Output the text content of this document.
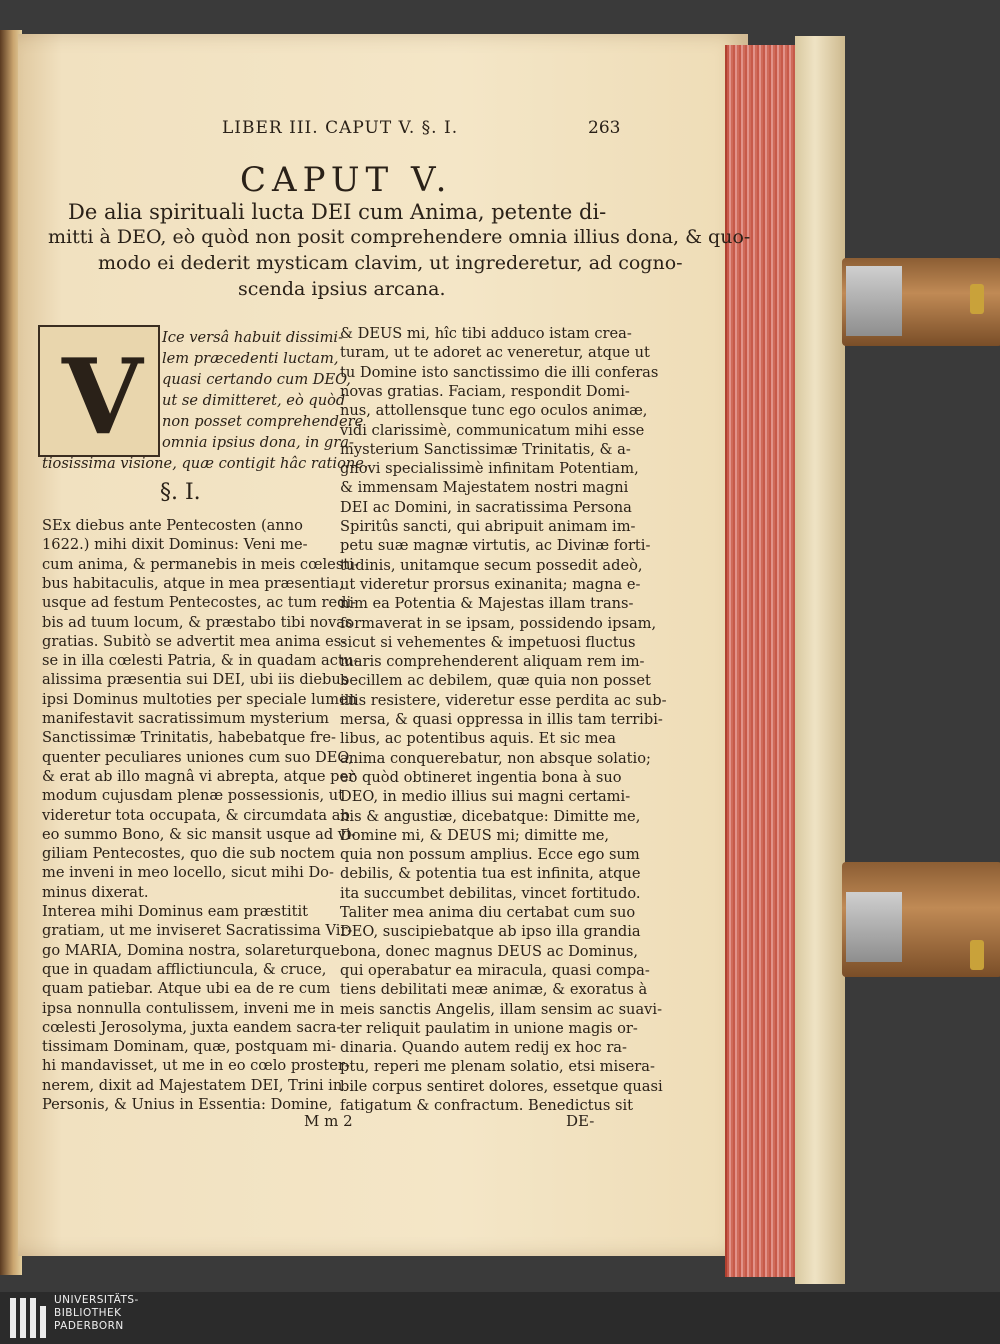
LIBER III. CAPUT V. §. I.	263
CAPUT V.
De alia spirituali lucta DEI cum Anima, petente di-
mitti à DEO, eò quòd non posit comprehendere omnia illius dona, & quo-
modo ei dederit mysticam clavim, ut ingrederetur, ad cogno-
scenda ipsius arcana.
V Ice versâ habuit dissimi-
lem præcedenti luctam,
quasi certando cum DEO,
ut se dimitteret, eò quòd
non posset comprehendere
omnia ipsius dona, in gra-
tiosissima visione, quæ contigit hâc ratione.
§. I.
SEx diebus ante Pentecosten (anno
1622.) mihi dixit Dominus: Veni me-
cum anima, & permanebis in meis cœlesti-
bus habitaculis, atque in mea præsentia,
usque ad festum Pentecostes, ac tum redi-
bis ad tuum locum, & præstabo tibi novas
gratias. Subitò se advertit mea anima es-
se in illa cœlesti Patria, & in quadam actu-
alissima præsentia sui DEI, ubi iis diebus
ipsi Dominus multoties per speciale lumen
manifestavit sacratissimum mysterium
Sanctissimæ Trinitatis, habebatque fre-
quenter peculiares uniones cum suo DEO,
& erat ab illo magnâ vi abrepta, atque per
modum cujusdam plenæ possessionis, ut
videretur tota occupata, & circumdata ab
eo summo Bono, & sic mansit usque ad vi-
giliam Pentecostes, quo die sub noctem
me inveni in meo locello, sicut mihi Do-
minus dixerat.
Interea mihi Dominus eam præstitit
gratiam, ut me inviseret Sacratissima Vir-
go MARIA, Domina nostra, solareturque
que in quadam afflictiuncula, & cruce,
quam patiebar. Atque ubi ea de re cum
ipsa nonnulla contulissem, inveni me in
cœlesti Jerosolyma, juxta eandem sacra-
tissimam Dominam, quæ, postquam mi-
hi mandavisset, ut me in eo cœlo proster-
nerem, dixit ad Majestatem DEI, Trini in
Personis, & Unius in Essentia: Domine,
& DEUS mi, hîc tibi adduco istam crea-
turam, ut te adoret ac veneretur, atque ut
tu Domine isto sanctissimo die illi conferas
novas gratias. Faciam, respondit Domi-
nus, attollensque tunc ego oculos animæ,
vidi clarissimè, communicatum mihi esse
mysterium Sanctissimæ Trinitatis, & a-
gnovi specialissimè infinitam Potentiam,
& immensam Majestatem nostri magni
DEI ac Domini, in sacratissima Persona
Spiritûs sancti, qui abripuit animam im-
petu suæ magnæ virtutis, ac Divinæ forti-
tudinis, unitamque secum possedit adeò,
ut videretur prorsus exinanita; magna e-
nim ea Potentia & Majestas illam trans-
formaverat in se ipsam, possidendo ipsam,
sicut si vehementes & impetuosi fluctus
maris comprehenderent aliquam rem im-
becillem ac debilem, quæ quia non posset
illis resistere, videretur esse perdita ac sub-
mersa, & quasi oppressa in illis tam terribi-
libus, ac potentibus aquis. Et sic mea
anima conquerebatur, non absque solatio;
eò quòd obtineret ingentia bona à suo
DEO, in medio illius sui magni certami-
nis & angustiæ, dicebatque: Dimitte me,
Domine mi, & DEUS mi; dimitte me,
quia non possum amplius. Ecce ego sum
debilis, & potentia tua est infinita, atque
ita succumbet debilitas, vincet fortitudo.
Taliter mea anima diu certabat cum suo
DEO, suscipiebatque ab ipso illa grandia
bona, donec magnus DEUS ac Dominus,
qui operabatur ea miracula, quasi compa-
tiens debilitati meæ animæ, & exoratus à
meis sanctis Angelis, illam sensim ac suavi-
ter reliquit paulatim in unione magis or-
dinaria. Quando autem redij ex hoc ra-
ptu, reperi me plenam solatio, etsi misera-
bile corpus sentiret dolores, essetque quasi
fatigatum & confractum. Benedictus sit
M m 2	DE-
UNIVERSITÄTS-
BIBLIOTHEK
PADERBORN
